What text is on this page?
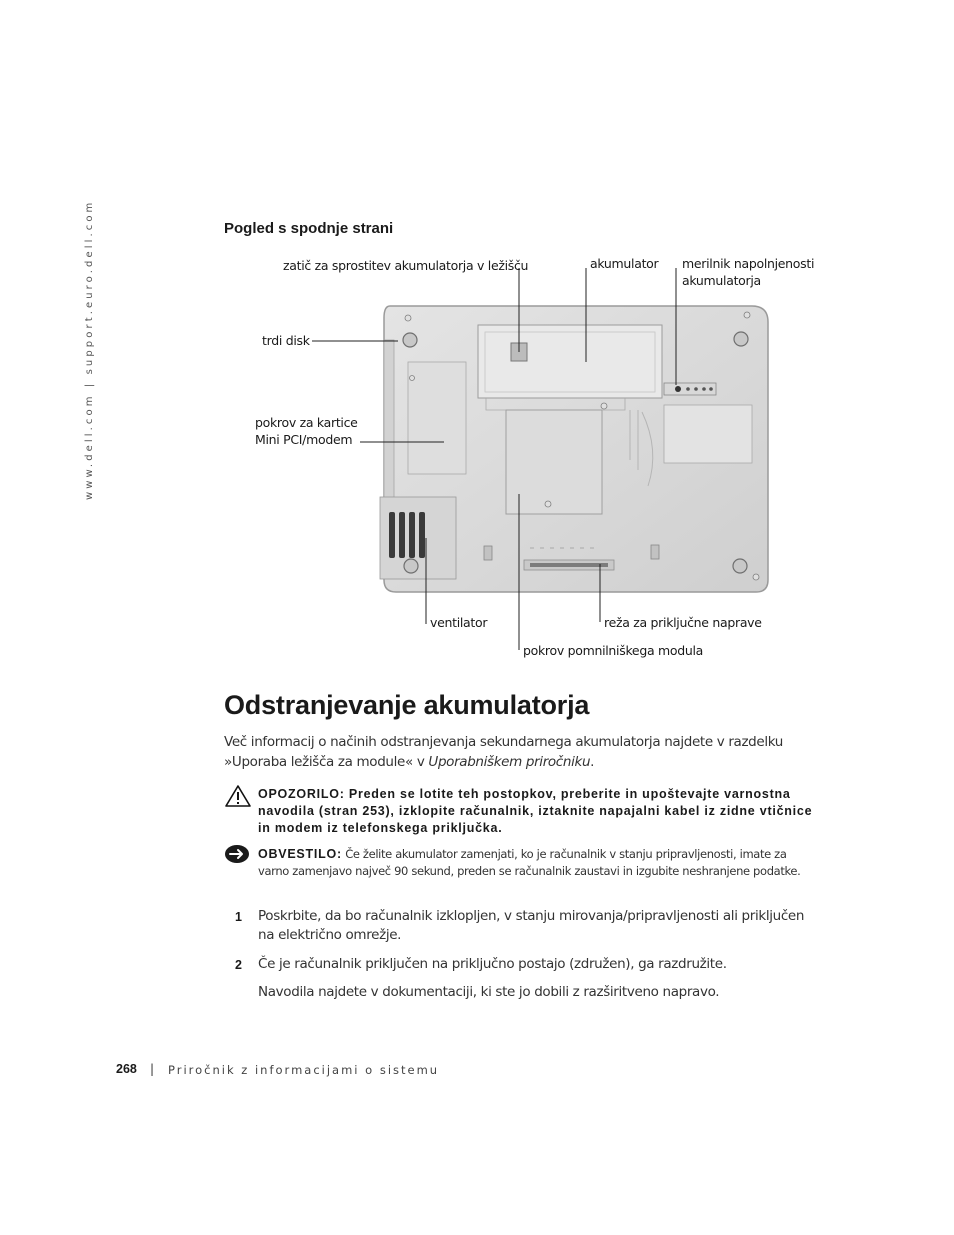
www.dell.com | support.euro.dell.com	Pogled s spodnje strani
zatič za sprostitev akumulatorja v ležišču	akumulator merilnik napolnjenosti
akumulatorja
trdi disk
pokrov za kartice
Mini PCI/modem
ventilator	reža za priključne naprave
pokrov pomnilniškega modula
Odstranjevanje akumulatorja
Več informacij o načinih odstranjevanja sekundarnega akumulatorja najdete v razdelku »Uporaba ležišča za module« v Uporabniškem priročniku.
OPOZORILO: Preden se lotite teh postopkov, preberite in upoštevajte varnostna navodila (stran 253), izklopite računalnik, iztaknite napajalni kabel iz zidne vtičnice in modem iz telefonskega priključka.
OBVESTILO: Če želite akumulator zamenjati, ko je računalnik v stanju pripravljenosti, imate za varno zamenjavo največ 90 sekund, preden se računalnik zaustavi in izgubite neshranjene podatke.
1 Poskrbite, da bo računalnik izklopljen, v stanju mirovanja/pripravljenosti ali priključen na električno omrežje.
2 Če je računalnik priključen na priključno postajo (združen), ga razdružite.
Navodila najdete v dokumentaciji, ki ste jo dobili z razširitveno napravo.
268 | Priročnik z informacijami o sistemu
